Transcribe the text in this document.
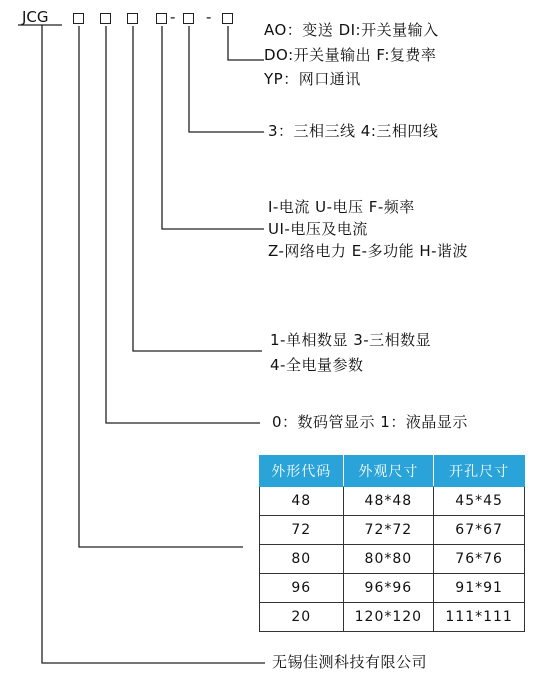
JCG	- -
AO：变送 DI:开关量输入
DO:开关量输出 F:复费率
YP：网口通讯
3：三相三线 4:三相四线
I-电流 U-电压 F-频率
UI-电压及电流
Z-网络电力 E-多功能 H-谐波
1-单相数显 3-三相数显
4-全电量参数
0：数码管显示 1：液晶显示
外形代码	外观尺寸	开孔尺寸
48	48*48	45*45
72	72*72	67*67
80	80*80	76*76
96	96*96	91*91
20	120*120	111*111
无锡佳测科技有限公司
